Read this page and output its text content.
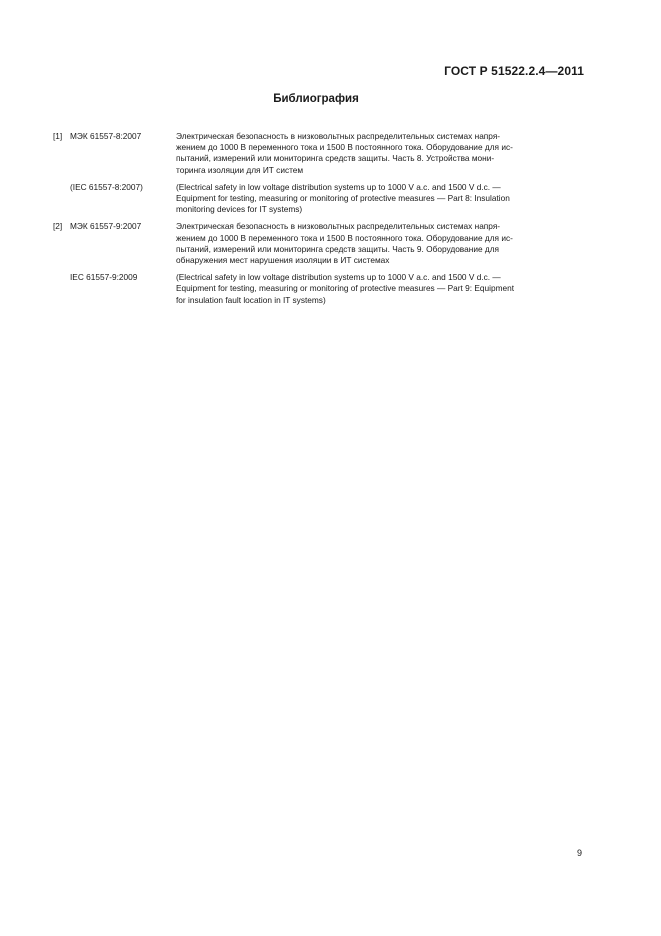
ГОСТ Р 51522.2.4—2011
Библиография
[1] МЭК 61557-8:2007	Электрическая безопасность в низковольтных распределительных системах напря-
жением до 1000 В переменного тока и 1500 В постоянного тока. Оборудование для ис-
пытаний, измерений или мониторинга средств защиты. Часть 8. Устройства мони-
торинга изоляции для ИТ систем
(IEC 61557-8:2007)	(Electrical safety in low voltage distribution systems up to 1000 V a.c. and 1500 V d.c. —
Equipment for testing, measuring or monitoring of protective measures — Part 8: Insulation
monitoring devices for IT systems)
[2] МЭК 61557-9:2007	Электрическая безопасность в низковольтных распределительных системах напря-
жением до 1000 В переменного тока и 1500 В постоянного тока. Оборудование для ис-
пытаний, измерений или мониторинга средств защиты. Часть 9. Оборудование для
обнаружения мест нарушения изоляции в ИТ системах
IEC 61557-9:2009	(Electrical safety in low voltage distribution systems up to 1000 V a.c. and 1500 V d.c. —
Equipment for testing, measuring or monitoring of protective measures — Part 9: Equipment
for insulation fault location in IT systems)
9
